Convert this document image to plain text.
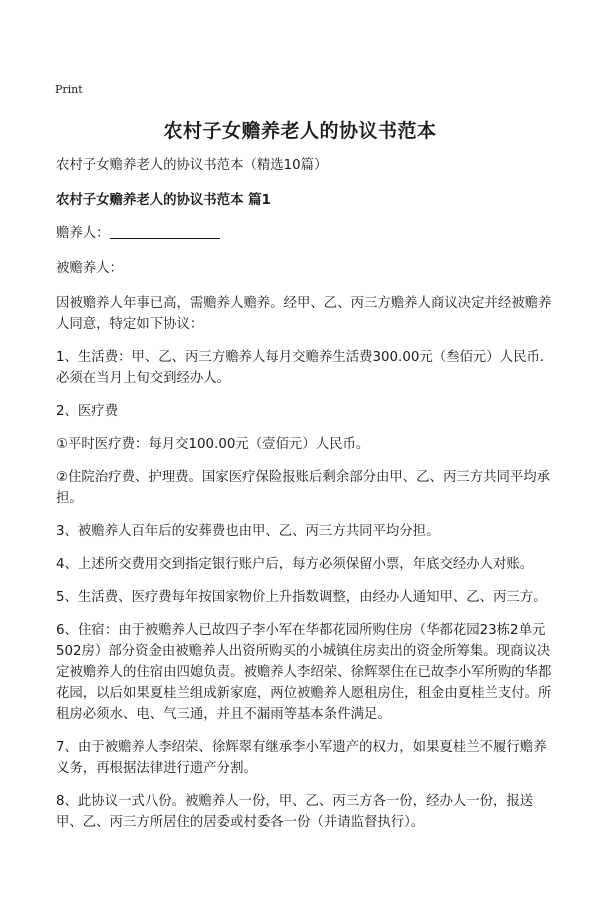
Print
农村子女赡养老人的协议书范本

农村子女赡养老人的协议书范本（精选10篇）

农村子女赡养老人的协议书范本 篇1

赡养人：

被赡养人：

因被赡养人年事已高，需赡养人赡养。经甲、乙、丙三方赡养人商议决定并经被赡养人同意，特定如下协议：

1、生活费：甲、乙、丙三方赡养人每月交赡养生活费300.00元（叁佰元）人民币．必须在当月上旬交到经办人。

2、医疗费

①平时医疗费：每月交100.00元（壹佰元）人民币。

②住院治疗费、护理费。国家医疗保险报账后剩余部分由甲、乙、丙三方共同平均承担。

3、被赡养人百年后的安葬费也由甲、乙、丙三方共同平均分担。

4、上述所交费用交到指定银行账户后，每方必须保留小票，年底交经办人对账。

5、生活费、医疗费每年按国家物价上升指数调整，由经办人通知甲、乙、丙三方。

6、住宿：由于被赡养人已故四子李小军在华都花园所购住房（华都花园23栋2单元502房）部分资金由被赡养人出资所购买的小城镇住房卖出的资金所筹集。现商议决定被赡养人的住宿由四媳负责。被赡养人李绍荣、徐辉翠住在已故李小军所购的华都花园，以后如果夏桂兰组成新家庭，两位被赡养人愿租房住，租金由夏桂兰支付。所租房必须水、电、气三通，并且不漏雨等基本条件满足。

7、由于被赡养人李绍荣、徐辉翠有继承李小军遗产的权力，如果夏桂兰不履行赡养义务，再根据法律进行遗产分割。

8、此协议一式八份。被赡养人一份，甲、乙、丙三方各一份，经办人一份，报送甲、乙、丙三方所居住的居委或村委各一份（并请监督执行）。
